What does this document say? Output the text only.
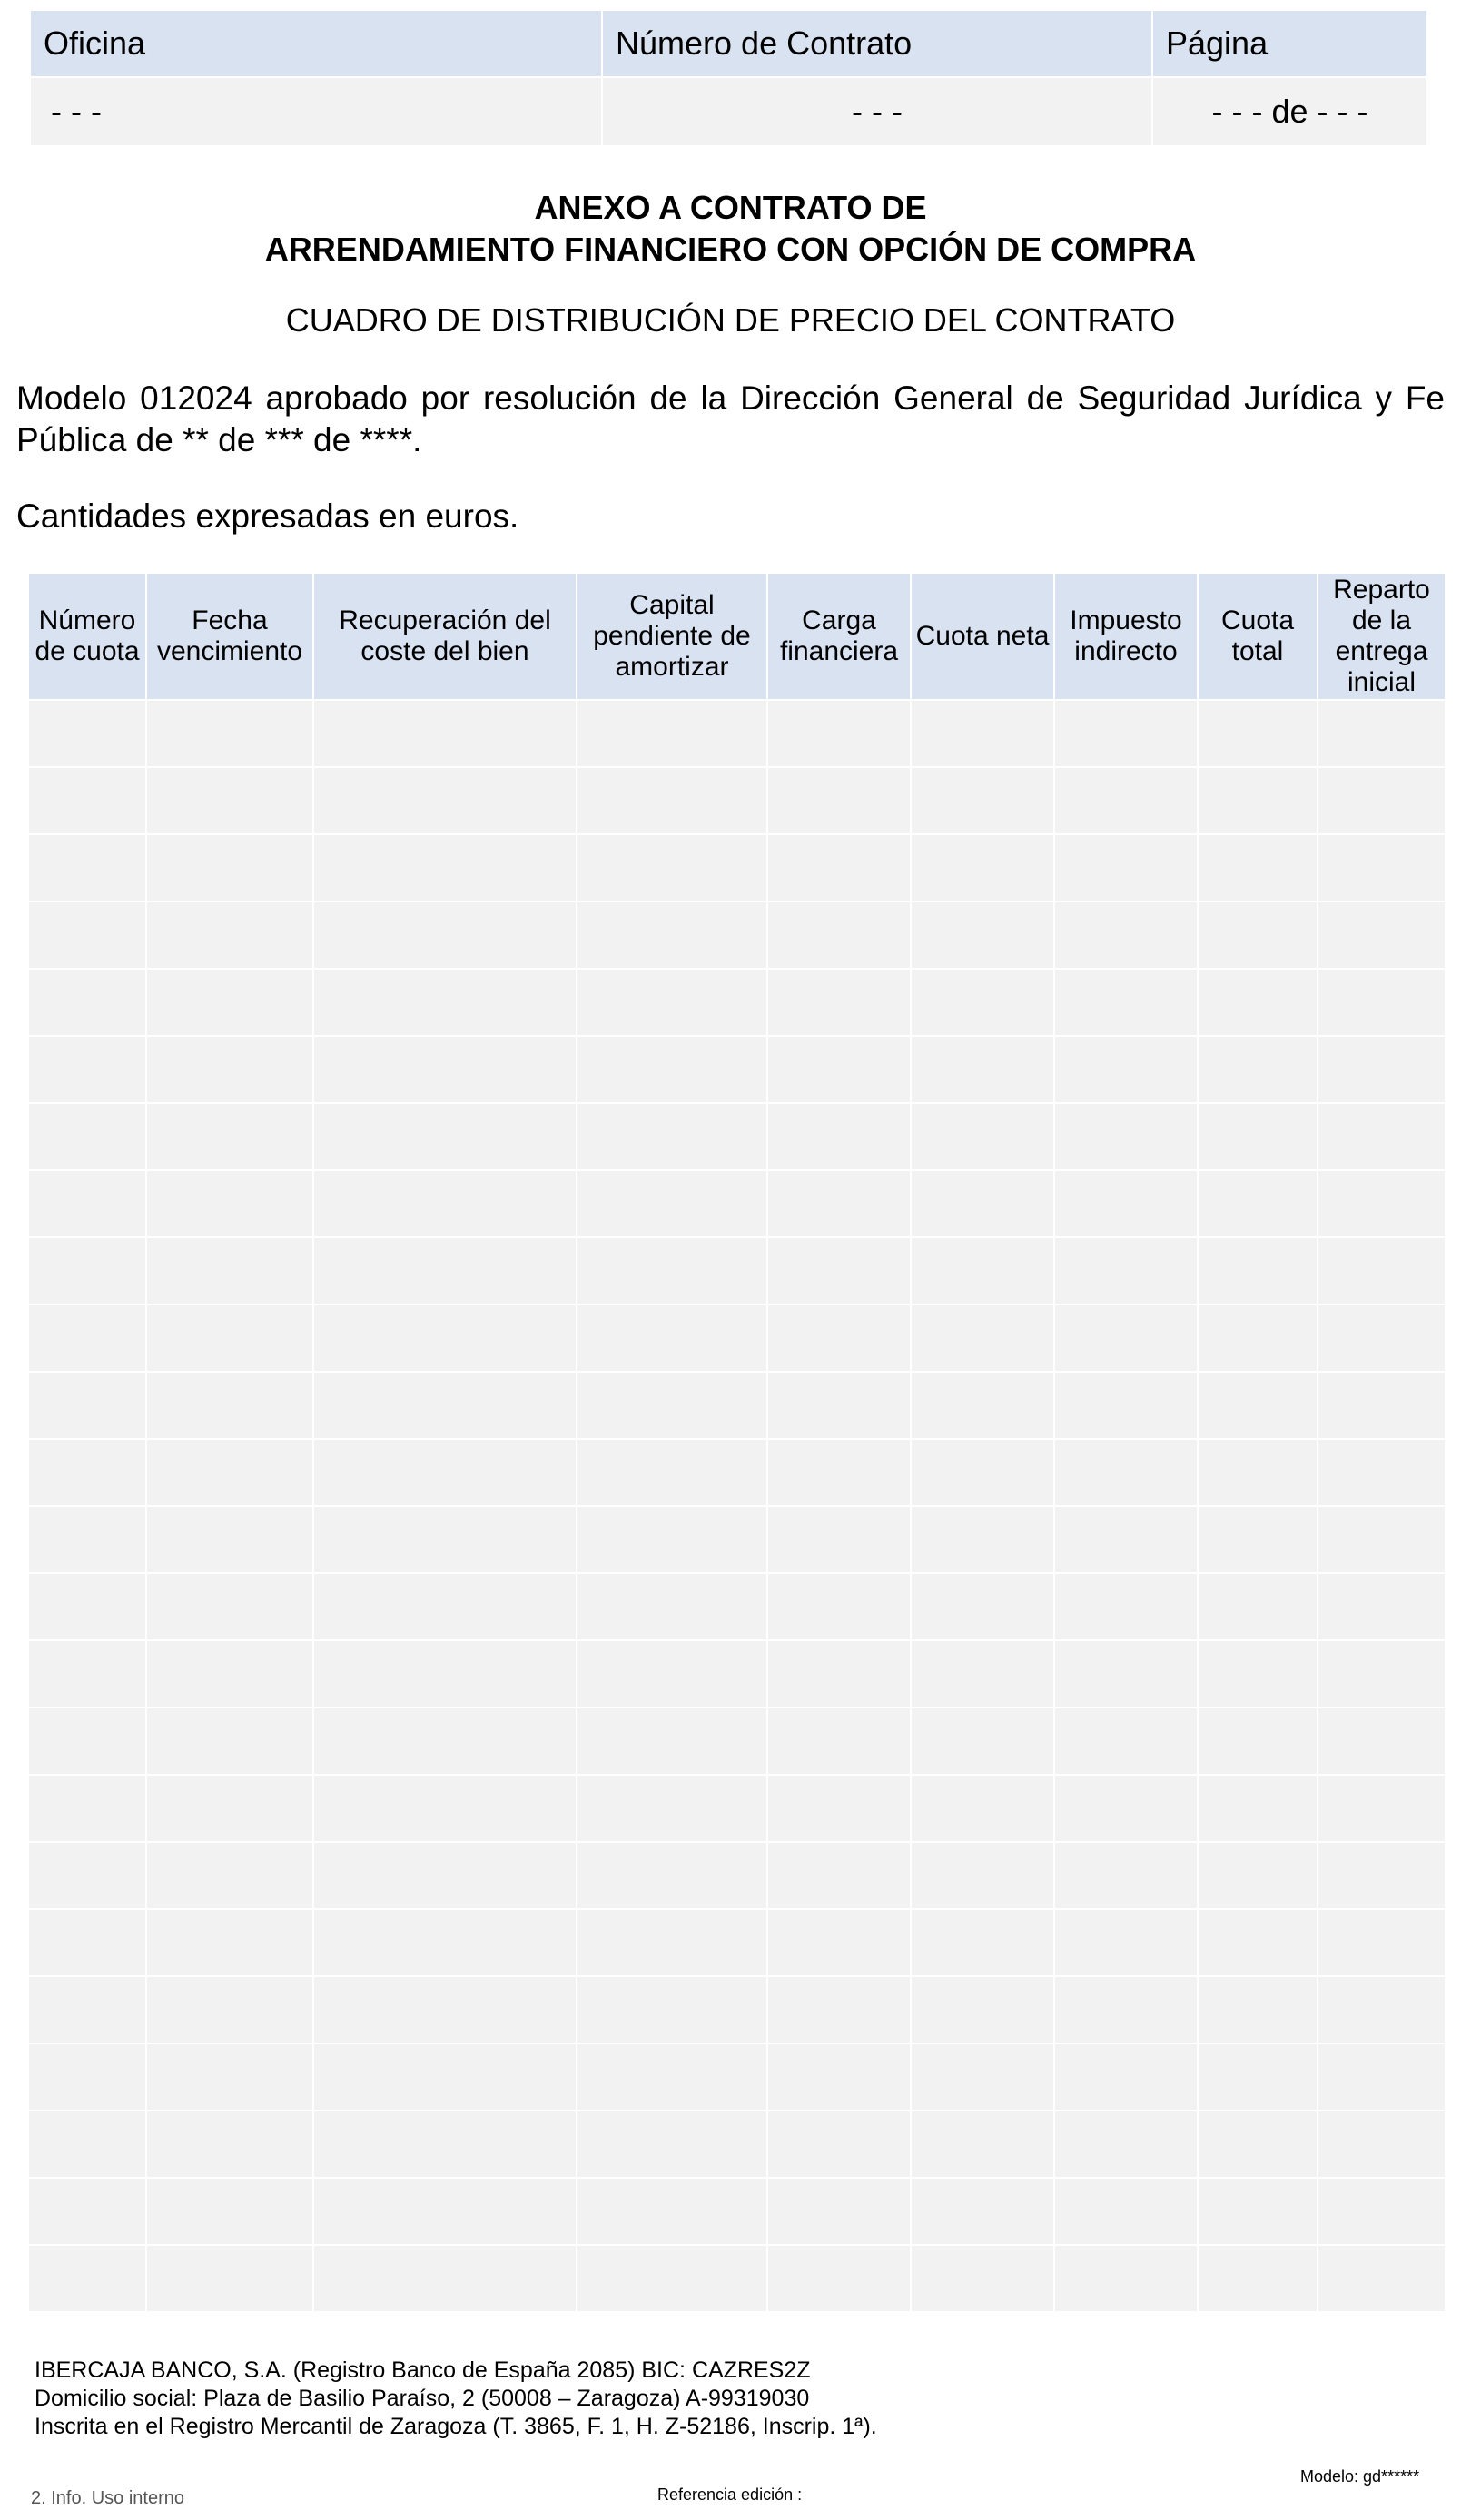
Oficina	Número de Contrato	Página
- - -	- - -	- - - de - - -
ANEXO A CONTRATO DE
ARRENDAMIENTO FINANCIERO CON OPCIÓN DE COMPRA
CUADRO DE DISTRIBUCIÓN DE PRECIO DEL CONTRATO
Modelo 012024 aprobado por resolución de la Dirección General de Seguridad Jurídica y Fe Pública de ** de *** de ****.
Cantidades expresadas en euros.
Número de cuota	Fecha vencimiento	Recuperación del coste del bien	Capital pendiente de amortizar	Carga financiera	Cuota neta	Impuesto indirecto	Cuota total	Reparto de la entrega inicial

IBERCAJA BANCO, S.A. (Registro Banco de España 2085) BIC: CAZRES2Z
Domicilio social: Plaza de Basilio Paraíso, 2 (50008 – Zaragoza) A-99319030
Inscrita en el Registro Mercantil de Zaragoza (T. 3865, F. 1, H. Z-52186, Inscrip. 1ª).
Modelo: gd******
Referencia edición :
2. Info. Uso interno
